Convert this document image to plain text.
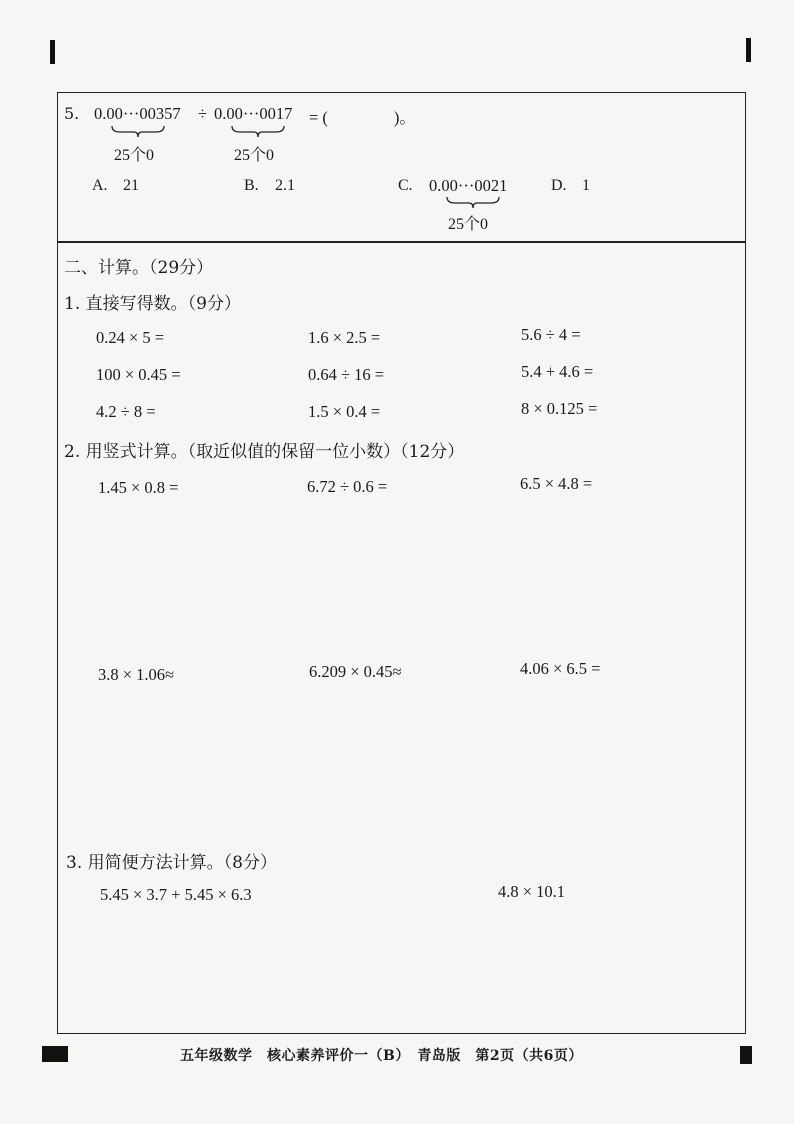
5. 0.00···00357 ÷ 0.00···0017 = (　　　　)。
25个0	25个0
A. 21	B. 2.1	C. 0.00···0021	D. 1
25个0
二、计算。（29分）
1. 直接写得数。（9分）
0.24 × 5 =	1.6 × 2.5 =	5.6 ÷ 4 =
100 × 0.45 =	0.64 ÷ 16 =	5.4 + 4.6 =
4.2 ÷ 8 =	1.5 × 0.4 =	8 × 0.125 =
2. 用竖式计算。（取近似值的保留一位小数）（12分）
1.45 × 0.8 =	6.72 ÷ 0.6 =	6.5 × 4.8 =
3.8 × 1.06≈	6.209 × 0.45≈	4.06 × 6.5 =
3. 用简便方法计算。（8分）
5.45 × 3.7 + 5.45 × 6.3	4.8 × 10.1
五年级数学　核心素养评价一（B）　青岛版　第2页（共6页）
